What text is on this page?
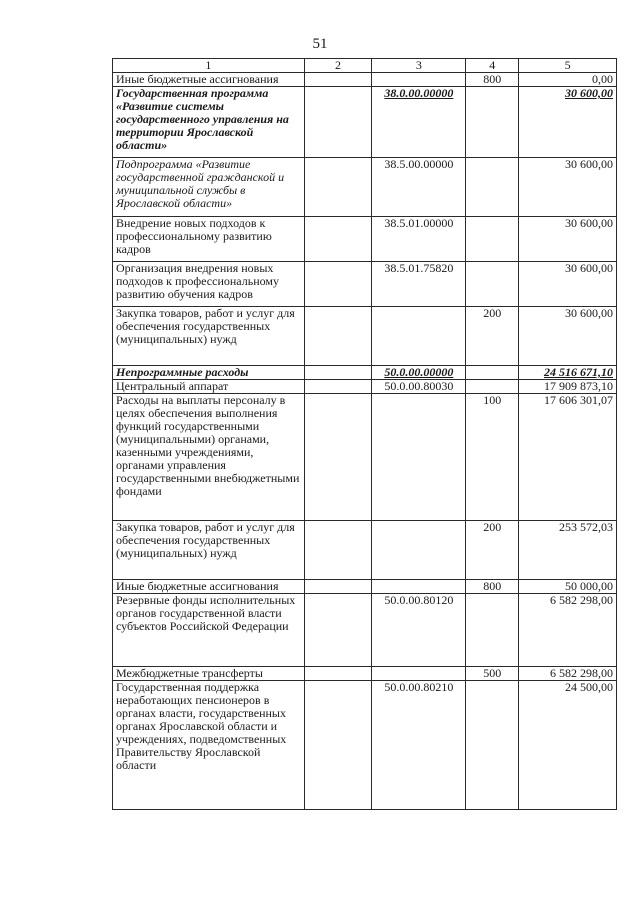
51
1	2	3	4	5
Иные бюджетные ассигнования			800	0,00
Государственная программа «Развитие системы государственного управления на территории Ярославской области»		38.0.00.00000		30 600,00
Подпрограмма «Развитие государственной гражданской и муниципальной службы в Ярославской области»		38.5.00.00000		30 600,00
Внедрение новых подходов к профессиональному развитию кадров		38.5.01.00000		30 600,00
Организация внедрения новых подходов к профессиональному развитию обучения кадров		38.5.01.75820		30 600,00
Закупка товаров, работ и услуг для обеспечения государственных (муниципальных) нужд			200	30 600,00
Непрограммные расходы		50.0.00.00000		24 516 671,10
Центральный аппарат		50.0.00.80030		17 909 873,10
Расходы на выплаты персоналу в целях обеспечения выполнения функций государственными (муниципальными) органами, казенными учреждениями, органами управления государственными внебюджетными фондами			100	17 606 301,07
Закупка товаров, работ и услуг для обеспечения государственных (муниципальных) нужд			200	253 572,03
Иные бюджетные ассигнования			800	50 000,00
Резервные фонды исполнительных органов государственной власти субъектов Российской Федерации		50.0.00.80120		6 582 298,00
Межбюджетные трансферты			500	6 582 298,00
Государственная поддержка неработающих пенсионеров в органах власти, государственных органах Ярославской области и учреждениях, подведомственных Правительству Ярославской области		50.0.00.80210		24 500,00
